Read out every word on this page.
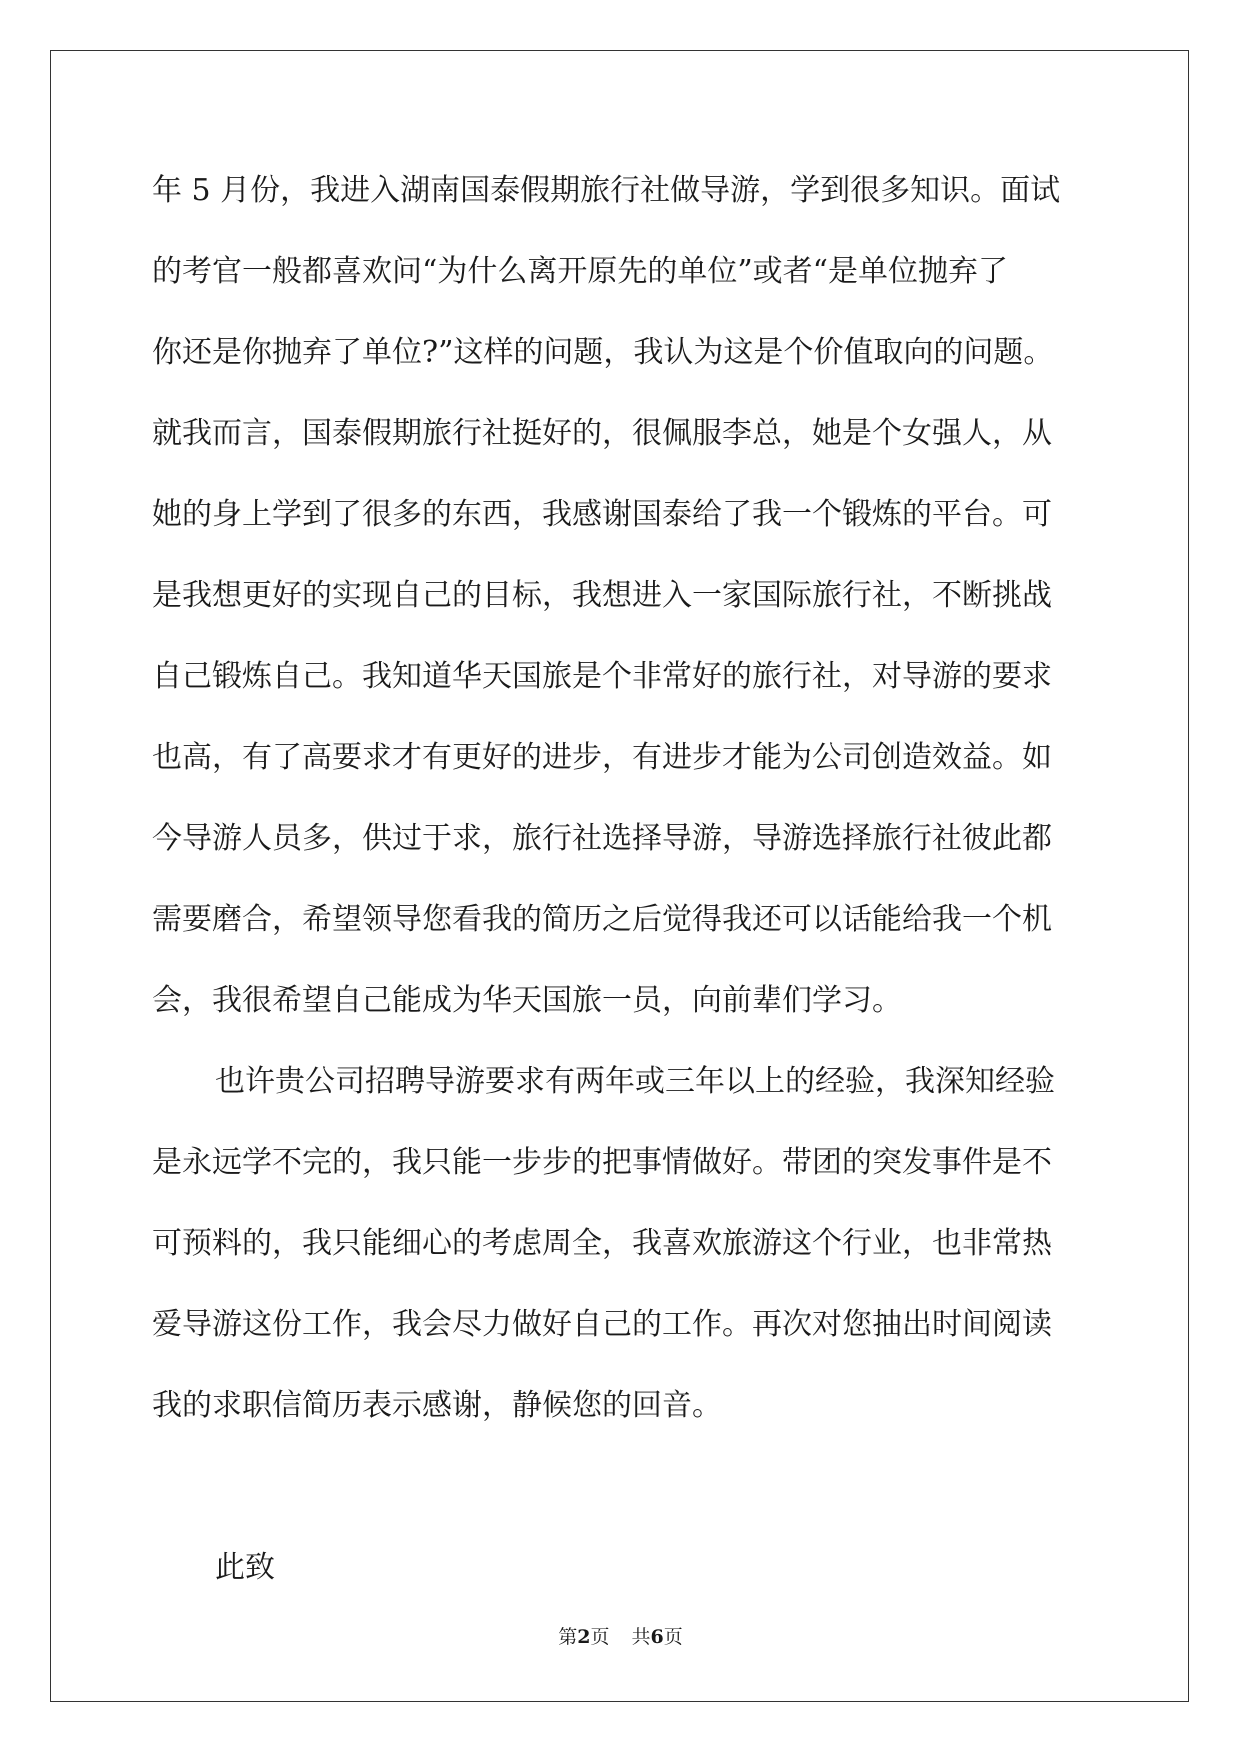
年 5 月份，我进入湖南国泰假期旅行社做导游，学到很多知识。面试
的考官一般都喜欢问“为什么离开原先的单位”或者“是单位抛弃了
你还是你抛弃了单位?”这样的问题，我认为这是个价值取向的问题。
就我而言，国泰假期旅行社挺好的，很佩服李总，她是个女强人，从
她的身上学到了很多的东西，我感谢国泰给了我一个锻炼的平台。可
是我想更好的实现自己的目标，我想进入一家国际旅行社，不断挑战
自己锻炼自己。我知道华天国旅是个非常好的旅行社，对导游的要求
也高，有了高要求才有更好的进步，有进步才能为公司创造效益。如
今导游人员多，供过于求，旅行社选择导游，导游选择旅行社彼此都
需要磨合，希望领导您看我的简历之后觉得我还可以话能给我一个机
会，我很希望自己能成为华天国旅一员，向前辈们学习。
也许贵公司招聘导游要求有两年或三年以上的经验，我深知经验
是永远学不完的，我只能一步步的把事情做好。带团的突发事件是不
可预料的，我只能细心的考虑周全，我喜欢旅游这个行业，也非常热
爱导游这份工作，我会尽力做好自己的工作。再次对您抽出时间阅读
我的求职信简历表示感谢，静候您的回音。
此致
第2页 共6页
